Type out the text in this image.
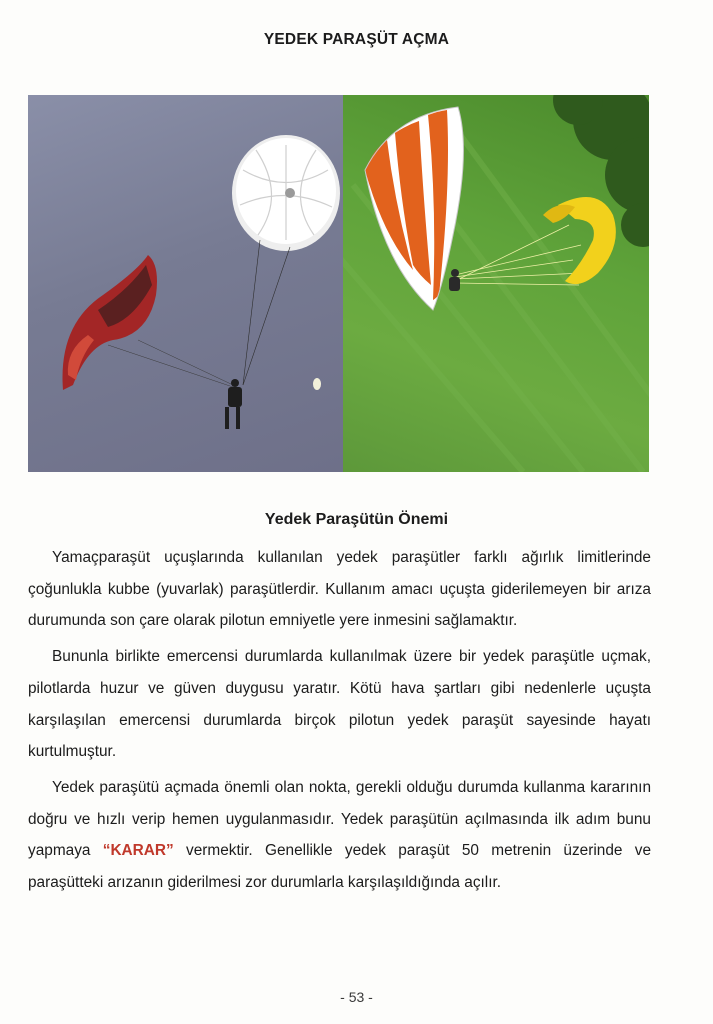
YEDEK PARAŞÜT AÇMA
Yedek Paraşütün Önemi

Yamaçparaşüt uçuşlarında kullanılan yedek paraşütler farklı ağırlık limitlerinde çoğunlukla kubbe (yuvarlak) paraşütlerdir. Kullanım amacı uçuşta giderilemeyen bir arıza durumunda son çare olarak pilotun emniyetle yere inmesini sağlamaktır.

Bununla birlikte emercensi durumlarda kullanılmak üzere bir yedek paraşütle uçmak, pilotlarda huzur ve güven duygusu yaratır. Kötü hava şartları gibi nedenlerle uçuşta karşılaşılan emercensi durumlarda birçok pilotun yedek paraşüt sayesinde hayatı kurtulmuştur.

Yedek paraşütü açmada önemli olan nokta, gerekli olduğu durumda kullanma kararının doğru ve hızlı verip hemen uygulanmasıdır. Yedek paraşütün açılmasında ilk adım bunu yapmaya “KARAR” vermektir. Genellikle yedek paraşüt 50 metrenin üzerinde ve paraşütteki arızanın giderilmesi zor durumlarla karşılaşıldığında açılır.

- 53 -
